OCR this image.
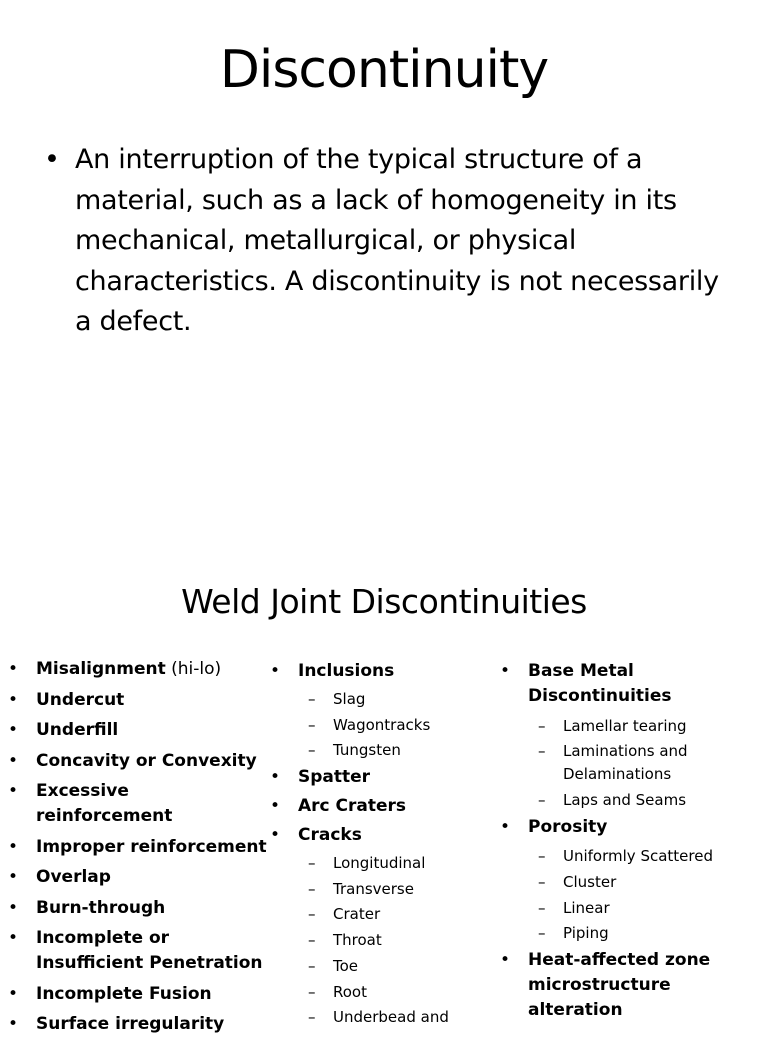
Discontinuity
• An interruption of the typical structure of a material, such as a lack of homogeneity in its mechanical, metallurgical, or physical characteristics. A discontinuity is not necessarily a defect.
Weld Joint Discontinuities
•	Misalignment (hi-lo)
•	Undercut
•	Underfill
•	Concavity or Convexity
•	Excessive reinforcement
•	Improper reinforcement
•	Overlap
•	Burn-through
•	Incomplete or Insufficient Penetration
•	Incomplete Fusion
•	Surface irregularity
•	Inclusions
–	Slag
–	Wagontracks
–	Tungsten
•	Spatter
•	Arc Craters
•	Cracks
–	Longitudinal
–	Transverse
–	Crater
–	Throat
–	Toe
–	Root
–	Underbead and
•	Base Metal Discontinuities
–	Lamellar tearing
–	Laminations and Delaminations
–	Laps and Seams
•	Porosity
–	Uniformly Scattered
–	Cluster
–	Linear
–	Piping
•	Heat-affected zone microstructure alteration
